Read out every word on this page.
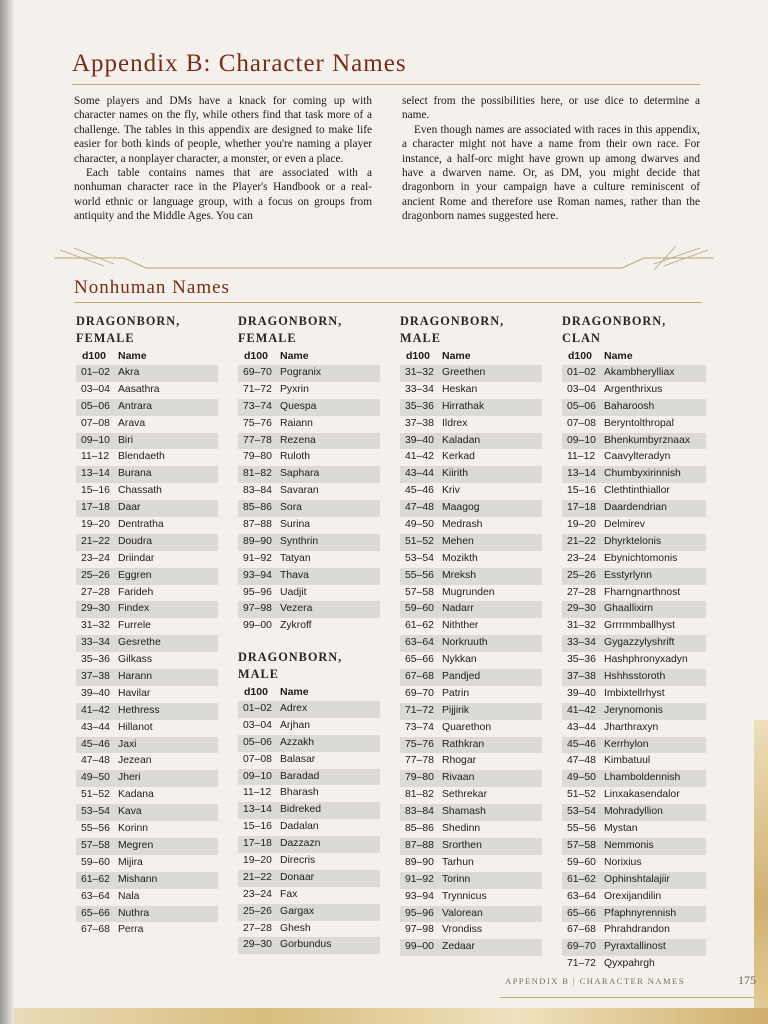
Appendix B: Character Names

Some players and DMs have a knack for coming up with character names on the fly, while others find that task more of a challenge. The tables in this appendix are designed to make life easier for both kinds of people, whether you're naming a player character, a nonplayer character, a monster, or even a place.

Each table contains names that are associated with a nonhuman character race in the Player's Handbook or a real-world ethnic or language group, with a focus on groups from antiquity and the Middle Ages. You can

select from the possibilities here, or use dice to determine a name.

Even though names are associated with races in this appendix, a character might not have a name from their own race. For instance, a half-orc might have grown up among dwarves and have a dwarven name. Or, as DM, you might decide that dragonborn in your campaign have a culture reminiscent of ancient Rome and therefore use Roman names, rather than the dragonborn names suggested here.

Nonhuman Names
DRAGONBORN,
FEMALE
d100	Name
01–02 Akra
03–04 Aasathra
05–06 Antrara
07–08 Arava
09–10 Biri
11–12 Blendaeth
13–14 Burana
15–16 Chassath
17–18 Daar
19–20 Dentratha
21–22 Doudra
23–24 Driindar
25–26 Eggren
27–28 Farideh
29–30 Findex
31–32 Furrele
33–34 Gesrethe
35–36 Gilkass
37–38 Harann
39–40 Havilar
41–42 Hethress
43–44 Hillanot
45–46 Jaxi
47–48 Jezean
49–50 Jheri
51–52 Kadana
53–54 Kava
55–56 Korinn
57–58 Megren
59–60 Mijira
61–62 Mishann
63–64 Nala
65–66 Nuthra
67–68 Perra
DRAGONBORN,
FEMALE
d100	Name
69–70 Pogranix
71–72 Pyxrin
73–74 Quespa
75–76 Raiann
77–78 Rezena
79–80 Ruloth
81–82 Saphara
83–84 Savaran
85–86 Sora
87–88 Surina
89–90 Synthrin
91–92 Tatyan
93–94 Thava
95–96 Uadjit
97–98 Vezera
99–00 Zykroff
DRAGONBORN, MALE
d100	Name
01–02 Adrex
03–04 Arjhan
05–06 Azzakh
07–08 Balasar
09–10 Baradad
11–12 Bharash
13–14 Bidreked
15–16 Dadalan
17–18 Dazzazn
19–20 Direcris
21–22 Donaar
23–24 Fax
25–26 Gargax
27–28 Ghesh
29–30 Gorbundus
DRAGONBORN, MALE
d100	Name
31–32 Greethen
33–34 Heskan
35–36 Hirrathak
37–38 Ildrex
39–40 Kaladan
41–42 Kerkad
43–44 Kiirith
45–46 Kriv
47–48 Maagog
49–50 Medrash
51–52 Mehen
53–54 Mozikth
55–56 Mreksh
57–58 Mugrunden
59–60 Nadarr
61–62 Nithther
63–64 Norkruuth
65–66 Nykkan
67–68 Pandjed
69–70 Patrin
71–72 Pijjirik
73–74 Quarethon
75–76 Rathkran
77–78 Rhogar
79–80 Rivaan
81–82 Sethrekar
83–84 Shamash
85–86 Shedinn
87–88 Srorthen
89–90 Tarhun
91–92 Torinn
93–94 Trynnicus
95–96 Valorean
97–98 Vrondiss
99–00 Zedaar
DRAGONBORN, CLAN
d100	Name
01–02 Akambherylliax
03–04 Argenthrixus
05–06 Baharoosh
07–08 Beryntolthropal
09–10 Bhenkumbyrznaax
11–12 Caavylteradyn
13–14 Chumbyxirinnish
15–16 Clethtinthiallor
17–18 Daardendrian
19–20 Delmirev
21–22 Dhyrktelonis
23–24 Ebynichtomonis
25–26 Esstyrlynn
27–28 Fharngnarthnost
29–30 Ghaallixirn
31–32 Grrrmmballhyst
33–34 Gygazzylyshrift
35–36 Hashphronyxadyn
37–38 Hshhsstoroth
39–40 Imbixtellrhyst
41–42 Jerynomonis
43–44 Jharthraxyn
45–46 Kerrhylon
47–48 Kimbatuul
49–50 Lhamboldennish
51–52 Linxakasendalor
53–54 Mohradyllion
55–56 Mystan
57–58 Nemmonis
59–60 Norixius
61–62 Ophinshtalajiir
63–64 Orexijandilin
65–66 Pfaphnyrennish
67–68 Phrahdrandon
69–70 Pyraxtallinost
71–72 Qyxpahrgh
APPENDIX B | CHARACTER NAMES	175
